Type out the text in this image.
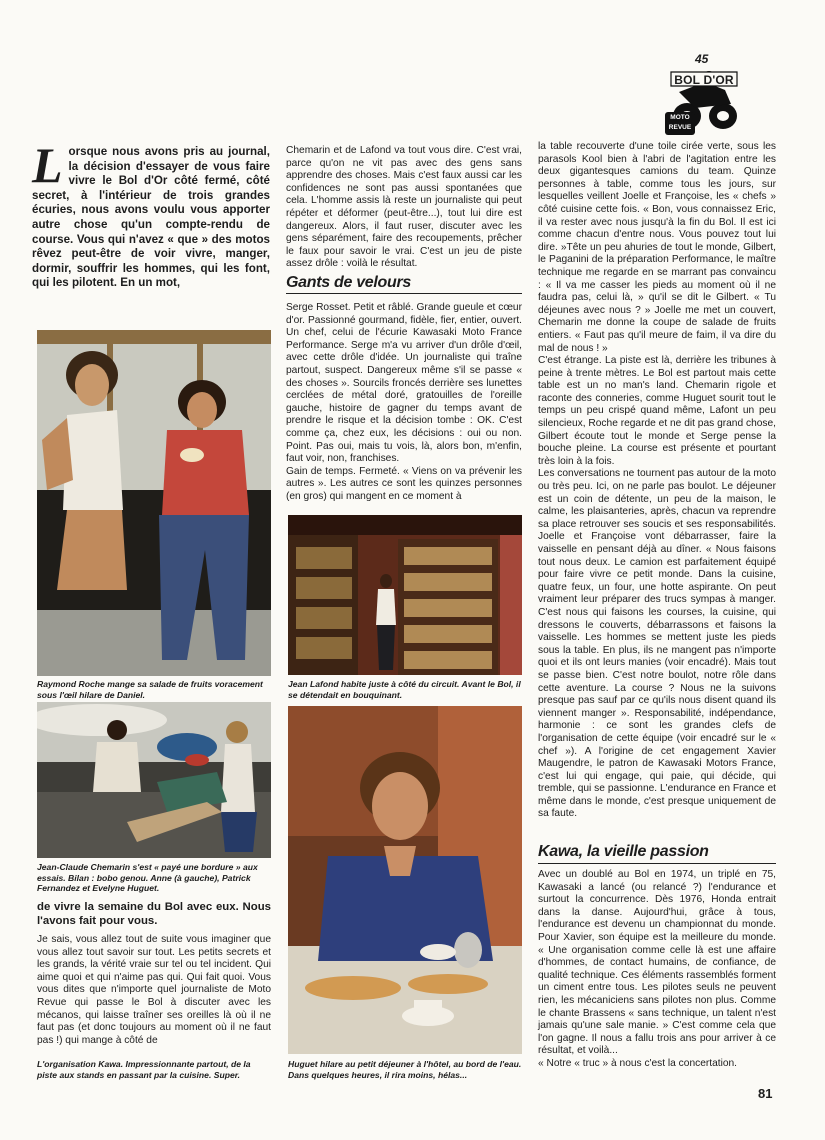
45
BOL D'OR
MOTO
REVUE
Lorsque nous avons pris au journal, la décision d'essayer de vous faire vivre le Bol d'Or côté fermé, côté secret, à l'intérieur de trois grandes écuries, nous avons voulu vous apporter autre chose qu'un compte-rendu de course. Vous qui n'avez « que » des motos rêvez peut-être de voir vivre, manger, dormir, souffrir les hommes, qui les font, qui les pilotent. En un mot,
Raymond Roche mange sa salade de fruits voracement sous l'œil hilare de Daniel.
Jean-Claude Chemarin s'est « payé une bordure » aux essais. Bilan : bobo genou. Anne (à gauche), Patrick Fernandez et Evelyne Huguet.
de vivre la semaine du Bol avec eux. Nous l'avons fait pour vous.
Je sais, vous allez tout de suite vous imaginer que vous allez tout savoir sur tout. Les petits secrets et les grands, la vérité vraie sur tel ou tel incident. Qui aime quoi et qui n'aime pas qui. Qui fait quoi. Vous vous dites que n'importe quel journaliste de Moto Revue qui passe le Bol à discuter avec les mécanos, qui laisse traîner ses oreilles là où il ne faut pas (et donc toujours au moment où il ne faut pas !) qui mange à côté de
L'organisation Kawa. Impressionnante partout, de la piste aux stands en passant par la cuisine. Super.
Chemarin et de Lafond va tout vous dire. C'est vrai, parce qu'on ne vit pas avec des gens sans apprendre des choses. Mais c'est faux aussi car les confidences ne sont pas aussi spontanées que cela. L'homme assis là reste un journaliste qui peut répéter et déformer (peut-être...), tout lui dire est dangereux. Alors, il faut ruser, discuter avec les gens séparément, faire des recoupements, prêcher le faux pour savoir le vrai. C'est un jeu de piste assez drôle : voilà le résultat.
Gants de velours

Serge Rosset. Petit et râblé. Grande gueule et cœur d'or. Passionné gourmand, fidèle, fier, entier, ouvert. Un chef, celui de l'écurie Kawasaki Moto France Performance. Serge m'a vu arriver d'un drôle d'œil, avec cette drôle d'idée. Un journaliste qui traîne partout, suspect. Dangereux même s'il se passe « des choses ». Sourcils froncés derrière ses lunettes cerclées de métal doré, gratouilles de l'oreille gauche, histoire de gagner du temps avant de prendre le risque et la décision tombe : OK. C'est comme ça, chez eux, les décisions : oui ou non. Point. Pas oui, mais tu vois, là, alors bon, m'enfin, faut voir, non, franchises.

Gain de temps. Fermeté. « Viens on va prévenir les autres ». Les autres ce sont les quinzes personnes (en gros) qui mangent en ce moment à

Jean Lafond habite juste à côté du circuit. Avant le Bol, il se détendait en bouquinant.
Huguet hilare au petit déjeuner à l'hôtel, au bord de l'eau. Dans quelques heures, il rira moins, hélas...

la table recouverte d'une toile cirée verte, sous les parasols Kool bien à l'abri de l'agitation entre les deux gigantesques camions du team. Quinze personnes à table, comme tous les jours, sur lesquelles veillent Joelle et Françoise, les « chefs » côté cuisine cette fois. « Bon, vous connaissez Eric, il va rester avec nous jusqu'à la fin du Bol. Il est ici comme chacun d'entre nous. Vous pouvez tout lui dire. »Tête un peu ahuries de tout le monde, Gilbert, le Paganini de la préparation Performance, le maître technique me regarde en se marrant pas convaincu : « Il va me casser les pieds au moment où il ne faudra pas, celui là, » qu'il se dit le Gilbert. « Tu déjeunes avec nous ? » Joelle me met un couvert, Chemarin me donne la coupe de salade de fruits entiers. « Faut pas qu'il meure de faim, il va dire du mal de nous ! »

C'est étrange. La piste est là, derrière les tribunes à peine à trente mètres. Le Bol est partout mais cette table est un no man's land. Chemarin rigole et raconte des conneries, comme Huguet sourit tout le temps un peu crispé quand même, Lafont un peu silencieux, Roche regarde et ne dit pas grand chose, Gilbert écoute tout le monde et Serge pense la bouche pleine. La course est présente et pourtant très loin à la fois.

Les conversations ne tournent pas autour de la moto ou très peu. Ici, on ne parle pas boulot. Le déjeuner est un coin de détente, un peu de la maison, le calme, les plaisanteries, après, chacun va reprendre sa place retrouver ses soucis et ses responsabilités. Joelle et Françoise vont débarrasser, faire la vaisselle en pensant déjà au dîner. « Nous faisons tout nous deux. Le camion est parfaitement équipé pour faire vivre ce petit monde. Dans la cuisine, quatre feux, un four, une hotte aspirante. On peut vraiment leur préparer des trucs sympas à manger. C'est nous qui faisons les courses, la cuisine, qui dressons le couverts, débarrassons et faisons la vaisselle. Les hommes se mettent juste les pieds sous la table. En plus, ils ne mangent pas n'importe quoi et ils ont leurs manies (voir encadré). Mais tout se passe bien. C'est notre boulot, notre rôle dans cette aventure. La course ? Nous ne la suivons presque pas sauf par ce qu'ils nous disent quand ils viennent manger ». Responsabilité, indépendance, harmonie : ce sont les grandes clefs de l'organisation de cette équipe (voir encadré sur le « chef »). A l'origine de cet engagement Xavier Maugendre, le patron de Kawasaki Motors France, c'est lui qui engage, qui paie, qui décide, qui tremble, qui se passionne. L'endurance en France et même dans le monde, c'est presque uniquement de sa faute.

Kawa, la vieille passion

Avec un doublé au Bol en 1974, un triplé en 75, Kawasaki a lancé (ou relancé ?) l'endurance et surtout la concurrence. Dès 1976, Honda entrait dans la danse. Aujourd'hui, grâce à tous, l'endurance est devenu un championnat du monde. Pour Xavier, son équipe est la meilleure du monde. « Une organisation comme celle là est une affaire d'hommes, de contact humains, de confiance, de qualité technique. Ces éléments rassemblés forment un ciment entre tous. Les pilotes seuls ne peuvent rien, les mécaniciens sans pilotes non plus. Comme le chante Brassens « sans technique, un talent n'est jamais qu'une sale manie. » C'est comme cela que l'on gagne. Il nous a fallu trois ans pour arriver à ce résultat, et voilà...

« Notre « truc » à nous c'est la concertation.

81
